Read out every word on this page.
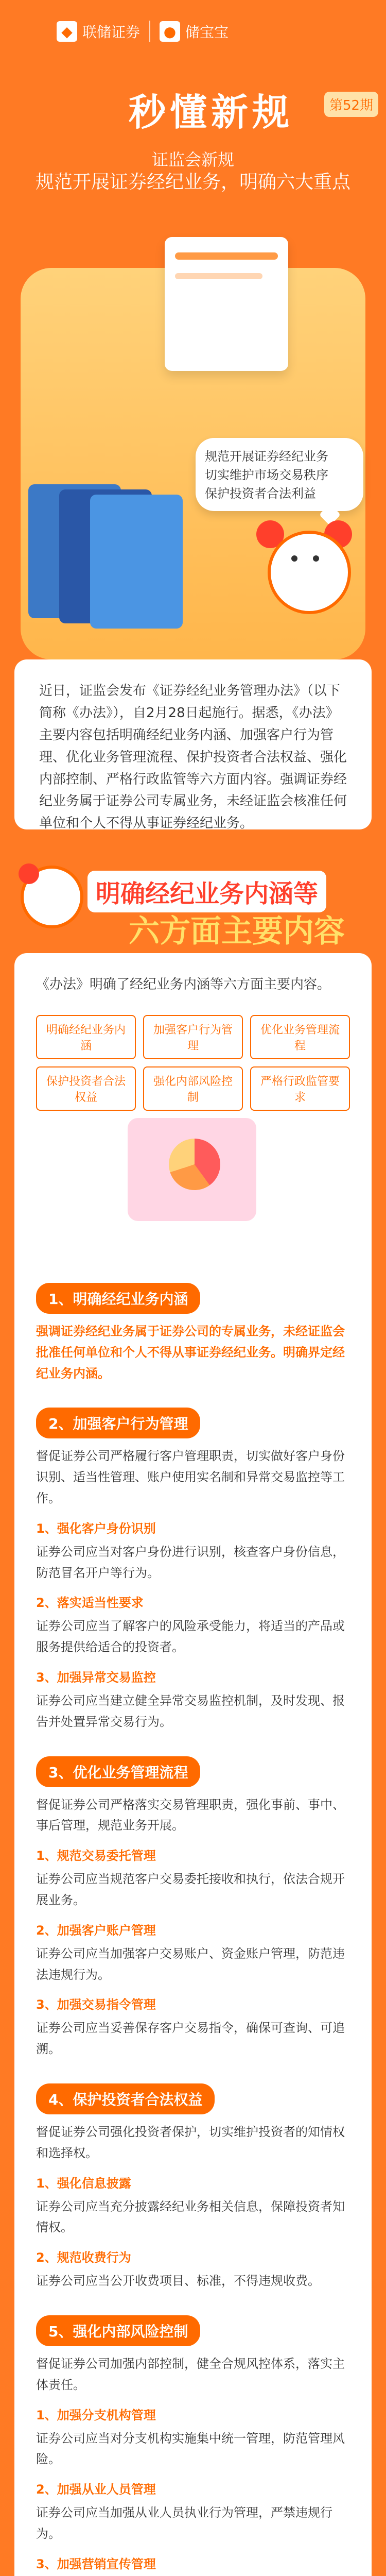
◆ 联储证券 ● 储宝宝
秒懂新规	第52期
证监会新规
规范开展证券经纪业务，明确六大重点
规范开展证券经纪业务
切实维护市场交易秩序
保护投资者合法利益
近日，证监会发布《证券经纪业务管理办法》（以下简称《办法》），自2月28日起施行。据悉，《办法》主要内容包括明确经纪业务内涵、加强客户行为管理、优化业务管理流程、保护投资者合法权益、强化内部控制、严格行政监管等六方面内容。强调证券经纪业务属于证券公司专属业务，未经证监会核准任何单位和个人不得从事证券经纪业务。
明确经纪业务内涵等
六方面主要内容
《办法》明确了经纪业务内涵等六方面主要内容。
明确经纪业务内涵
加强客户行为管理
优化业务管理流程
保护投资者合法权益
强化内部风险控制
严格行政监管要求
1、明确经纪业务内涵
强调证券经纪业务属于证券公司的专属业务，未经证监会批准任何单位和个人不得从事证券经纪业务。明确界定经纪业务内涵。
2、加强客户行为管理
督促证券公司严格履行客户管理职责，切实做好客户身份识别、适当性管理、账户使用实名制和异常交易监控等工作。
1、强化客户身份识别
证券公司应当对客户身份进行识别，核查客户身份信息，防范冒名开户等行为。
2、落实适当性要求
证券公司应当了解客户的风险承受能力，将适当的产品或服务提供给适合的投资者。
3、加强异常交易监控
证券公司应当建立健全异常交易监控机制，及时发现、报告并处置异常交易行为。
3、优化业务管理流程
督促证券公司严格落实交易管理职责，强化事前、事中、事后管理，规范业务开展。
1、规范交易委托管理
证券公司应当规范客户交易委托接收和执行，依法合规开展业务。
2、加强客户账户管理
证券公司应当加强客户交易账户、资金账户管理，防范违法违规行为。
3、加强交易指令管理
证券公司应当妥善保存客户交易指令，确保可查询、可追溯。
4、保护投资者合法权益
督促证券公司强化投资者保护，切实维护投资者的知情权和选择权。
1、强化信息披露
证券公司应当充分披露经纪业务相关信息，保障投资者知情权。
2、规范收费行为
证券公司应当公开收费项目、标准，不得违规收费。
5、强化内部风险控制
督促证券公司加强内部控制，健全合规风控体系，落实主体责任。
1、加强分支机构管理
证券公司应当对分支机构实施集中统一管理，防范管理风险。
2、加强从业人员管理
证券公司应当加强从业人员执业行为管理，严禁违规行为。
3、加强营销宣传管理
